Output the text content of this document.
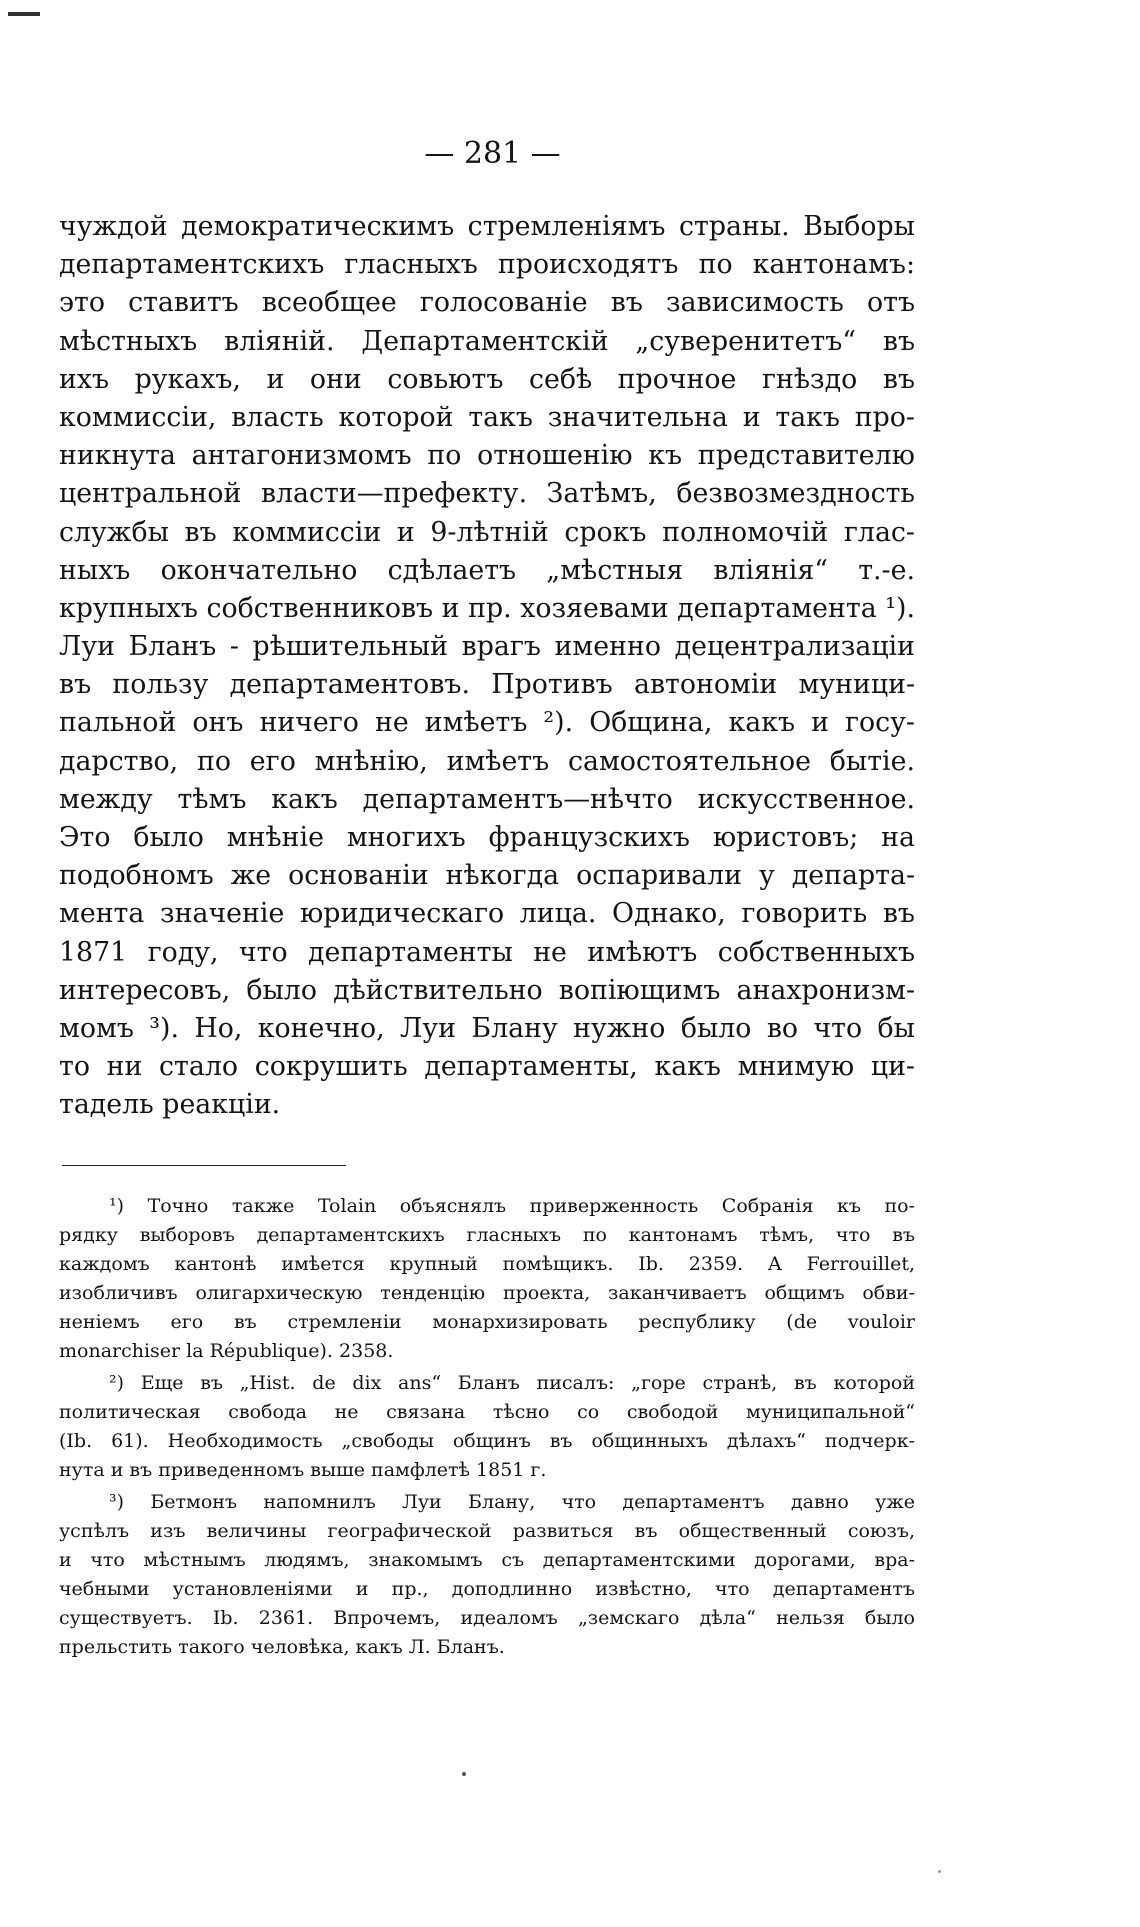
— 281 —
чуждой демократическимъ стремленiямъ страны. Выборы
департаментскихъ гласныхъ происходятъ по кантонамъ:
это ставитъ всеобщее голосованiе въ зависимость отъ
мѣстныхъ влiянiй. Департаментскiй „суверенитетъ“ въ
ихъ рукахъ, и они совьютъ себѣ прочное гнѣздо въ
коммиссiи, власть которой такъ значительна и такъ про-
никнута антагонизмомъ по отношенiю къ представителю
центральной власти—префекту. Затѣмъ, безвозмездность
службы въ коммиссiи и 9-лѣтнiй срокъ полномочiй глас-
ныхъ окончательно сдѣлаетъ „мѣстныя влiянiя“ т.-е.
крупныхъ собственниковъ и пр. хозяевами департамента ¹).
Луи Бланъ - рѣшительный врагъ именно децентрализацiи
въ пользу департаментовъ. Противъ автономiи муници-
пальной онъ ничего не имѣетъ ²). Община, какъ и госу-
дарство, по его мнѣнiю, имѣетъ самостоятельное бытiе.
между тѣмъ какъ департаментъ—нѣчто искусственное.
Это было мнѣнiе многихъ французскихъ юристовъ; на
подобномъ же основанiи нѣкогда оспаривали у департа-
мента значенiе юридическаго лица. Однако, говорить въ
1871 году, что департаменты не имѣютъ собственныхъ
интересовъ, было дѣйствительно вопiющимъ анахронизм-
момъ ³). Но, конечно, Луи Блану нужно было во что бы
то ни стало сокрушить департаменты, какъ мнимую ци-
тадель реакцiи.
¹) Точно также Tolain объяснялъ приверженность Собранiя къ по-
рядку выборовъ департаментскихъ гласныхъ по кантонамъ тѣмъ, что въ
каждомъ кантонѣ имѣется крупный помѣщикъ. Ib. 2359. A Ferrouillet,
изобличивъ олигархическую тенденцiю проекта, заканчиваетъ общимъ обви-
ненiемъ его въ стремленiи монархизировать республику (de vouloir
monarchiser la République). 2358.
²) Еще въ „Hist. de dix ans“ Бланъ писалъ: „горе странѣ, въ которой
политическая свобода не связана тѣсно со свободой муниципальной“
(Ib. 61). Необходимость „свободы общинъ въ общинныхъ дѣлахъ“ подчерк-
нута и въ приведенномъ выше памфлетѣ 1851 г.
³) Бетмонъ напомнилъ Луи Блану, что департаментъ давно уже
успѣлъ изъ величины географической развиться въ общественный союзъ,
и что мѣстнымъ людямъ, знакомымъ съ департаментскими дорогами, вра-
чебными установленiями и пр., доподлинно извѣстно, что департаментъ
существуетъ. Ib. 2361. Впрочемъ, идеаломъ „земскаго дѣла“ нельзя было
прельстить такого человѣка, какъ Л. Бланъ.
